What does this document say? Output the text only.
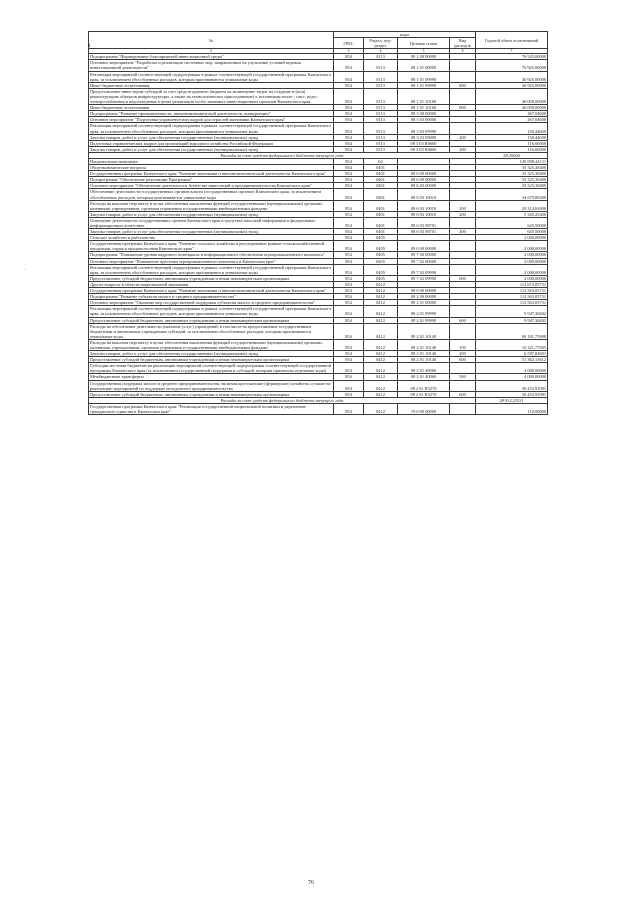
·
№	коды				Годовой объем ассигнований
	ГРБС	Раздел, под-раздел	Целевая статья	Вид расходов	
2	3	4	5	6	7
Подпрограмма "Формирование благоприятной инвестиционной среды"	854	0113	08 1 00 00000		76 925,00000
Основное мероприятие "Разработка и реализация системных мер, направленных на улучшение условий ведения инвестиционной деятельности"	854	0113	08 1 01 00000		76 925,00000
Реализация мероприятий соответствующей подпрограммы в рамках соответствующей государственной программы Камчатского края, за исключением обособленных расходов, которым присваиваются уникальные коды	854	0113	08 1 01 09990		36 925,00000
Иные бюджетные ассигнования	854	0113	08 1 01 09990	800	36 925,00000
Предоставление инвестором субсидий за счет средств краевого бюджета на возмещение затрат на создание и (или) реконструкцию объектов инфраструктуры, а также на технологическое присоединение) к источникам тепло-, газо-, водо-, электроснабжения и водоотведения в целях реализации особо значимых инвестиционных проектов Камчатского края	854	0113	08 1 01 10160		40 000,00000
Иные бюджетные ассигнования	854	0113	08 1 01 10160	800	40 000,00000
Подпрограмма "Развитие промышленности, внешнеэкономической деятельности, конкуренции"	854	0113	08 3 00 00000		267,04600
Основное мероприятие "Подготовка управленческих кадров для отраслей экономики Камчатского края"	854	0113	08 3 03 00000		267,04600
Реализация мероприятий соответствующей подпрограммы в рамках соответствующей государственной программы Камчатского края, за исключением обособленных расходов, которым присваиваются уникальные коды	854	0113	08 3 03 09990		150,44600
Закупка товаров, работ и услуг для обеспечения государственных (муниципальных) нужд	854	0113	08 3 03 09990	200	150,44600
Подготовка управленческих кадров для организаций народного хозяйства Российской Федерации	854	0113	08 3 03 R0660		116,60000
Закупка товаров, работ и услуг для обеспечения государственных (муниципальных) нужд	854	0113	08 3 03 R0660	200	116,60000
Расходы за счет средств федерального бюджета текущего года					58,30000
Национальная экономика	854	04			149 998,44131
Общеэкономические вопросы	854	0401			35 325,38400
Государственная программа Камчатского края "Развитие экономики и внешнеэкономической деятельности Камчатского края"	854	0401	08 0 00 00000		35 325,38400
Подпрограмма "Обеспечение реализации Программы"	854	0401	08 6 00 00000		35 325,38400
Основное мероприятие "Обеспечение деятельности Агентства инвестиций и предпринимательства Камчатского края"	854	0401	08 6 03 00000		35 325,38400
Обеспечение деятельности государственных органов власти (государственных органов) Камчатского края, за исключением обособленных расходов, которым присваиваются уникальные коды	854	0401	08 6 03 10010		34 679,88400
Расходы на выплаты персоналу в целях обеспечения выполнения функций государственными (муниципальными) органами, казенными учреждениями, органами управления государственными внебюджетными фондами	854	0401	08 6 03 10010	100	29 314,63000
Закупка товаров, работ и услуг для обеспечения государственных (муниципальных) нужд	854	0401	08 6 03 10010	200	5 365,25400
Освещение деятельности государственных органов Камчатского края в средствах массовой информации и федеральных информационных агентствах	854	0401	08 6 03 98701		645,50000
Закупка товаров, работ и услуг для обеспечения государственных (муниципальных) нужд	854	0401	08 6 03 98701	200	645,50000
Сельское хозяйство и рыболовство	854	0405			2 000,00000
Государственная программа Камчатского края "Развитие сельского хозяйства и регулирование рынков сельскохозяйственной продукции, сырья и продовольствия Камчатского края"	854	0405	09 0 00 00000		2 000,00000
Подпрограмма "Повышение уровня кадрового потенциала и информационного обеспечения агропромышленного комплекса"	854	0405	09 7 00 00000		2 000,00000
Основное мероприятие "Повышение престижа агропромышленного комплекса в Камчатском крае"	854	0405	09 7 02 00000		2 000,00000
Реализация мероприятий соответствующей подпрограммы в рамках соответствующей государственной программы Камчатского края, за исключением обособленных расходов, которым присваиваются уникальные коды	854	0405	09 7 02 09990		2 000,00000
Предоставление субсидий бюджетным, автономным учреждениям и иным некоммерческим организациям	854	0405	09 7 02 09990	600	2 000,00000
Другие вопросы в области национальной экономики	854	0412			112 673,05731
Государственная программа Камчатского края "Развитие экономики и внешнеэкономической деятельности Камчатского края"	854	0412	08 0 00 00000		112 563,05731
Подпрограмма "Развитие субъектов малого и среднего предпринимательства"	854	0412	08 2 00 00000		112 563,05731
Основное мероприятие "Оказание мер государственной поддержки субъектам малого и среднего предпринимательства"	854	0412	08 2 01 00000		112 563,05731
Реализация мероприятий соответствующей подпрограммы в рамках соответствующей государственной программы Камчатского края, за исключением обособленных расходов, которым присваиваются уникальные коды	854	0412	08 2 01 09990		9 947,36842
Предоставление субсидий бюджетным, автономным учреждениям и иным некоммерческим организациям	854	0412	08 2 01 09990	600	9 947,36842
Расходы на обеспечение деятельности (оказание услуг) учреждений, в том числе на предоставление государственным бюджетным и автономным учреждениям субсидий, за исключением обособленных расходов, которым присваиваются уникальные коды	854	0412	08 2 01 10140		68 181,75908
Расходы на выплаты персоналу в целях обеспечения выполнения функций государственными (муниципальными) органами, казенными учреждениями, органами управления государственными внебюджетными фондами	854	0412	08 2 01 10140	100	10 221,77605
Закупка товаров, работ и услуг для обеспечения государственных (муниципальных) нужд	854	0412	08 2 01 10140	200	6 597,84691
Предоставление субсидий бюджетным, автономным учреждениям и иным некоммерческим организациям	854	0412	08 2 01 10140	600	51 362,13612
Субсидии местным бюджетам на реализацию мероприятий соответствующей подпрограммы соответствующей государственной программы Камчатского края (за исключением государственной поддержки и субсидий, которым присвоены отдельные коды)	854	0412	08 2 01 40060		4 000,00000
Межбюджетные трансферты	854	0412	08 2 01 40060	500	4 000,00000
Государственная поддержка малого и среднего предпринимательства, включая крестьянские (фермерские) хозяйства, а также на реализацию мероприятий по поддержке молодежного предпринимательства	854	0412	08 2 01 R5270		30 433,92981
Предоставление субсидий бюджетным, автономным учреждениям и иным некоммерческим организациям	854	0412	08 2 01 R5270	600	30 433,92981
Расходы за счет средств федерального бюджета текущего года					28 912,23331
Государственная программа Камчатского края "Реализация государственной национальной политики и укрепление гражданского единства в Камчатском крае"	854	0412	19 0 00 00000		110,00000
1
76
